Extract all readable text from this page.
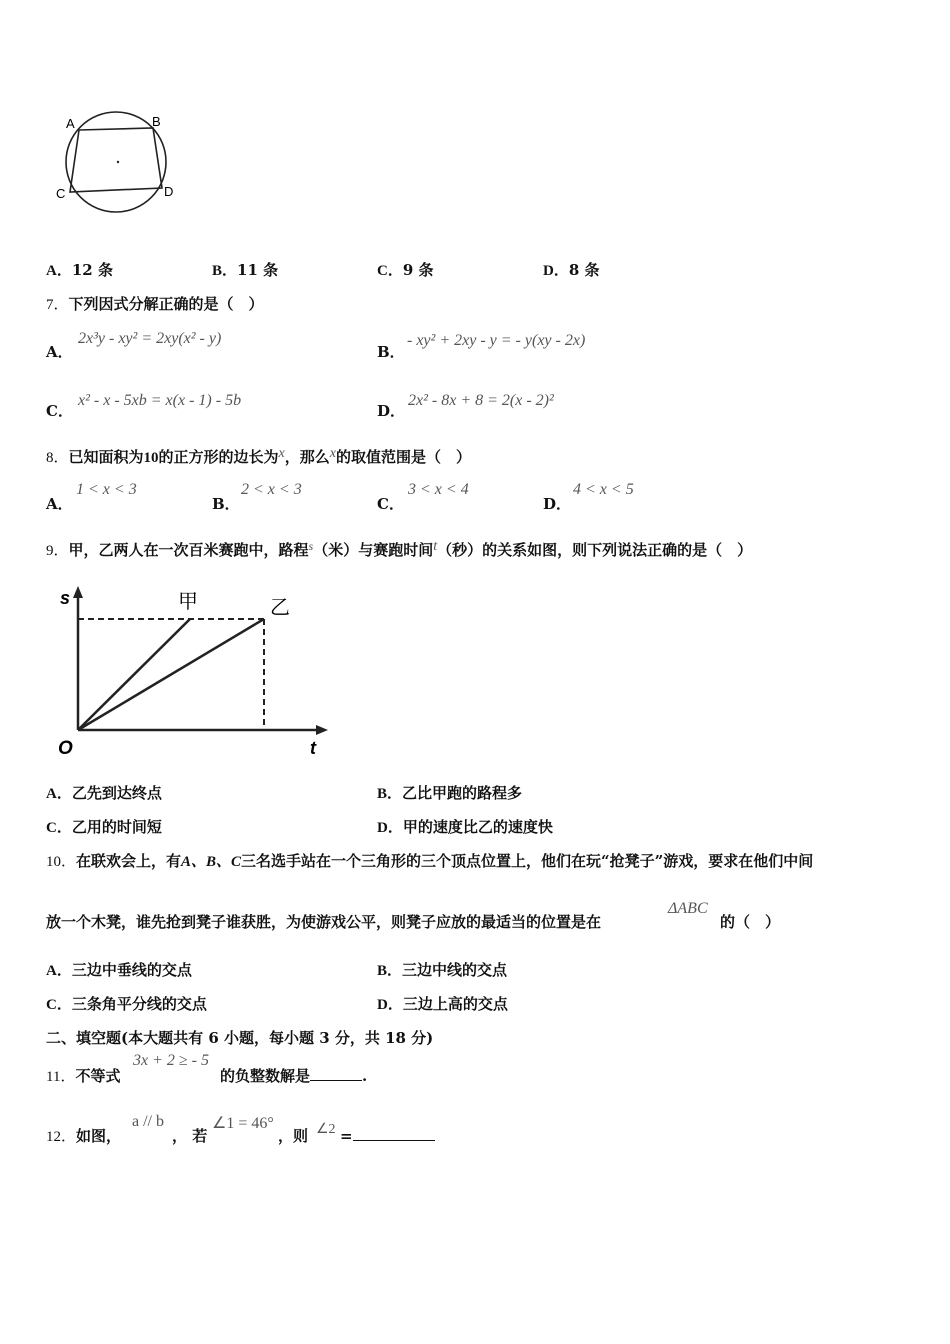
A	B
C	D
A．12 条	B．11 条	C．9 条	D．8 条
7．下列因式分解正确的是（　）
A．
2x³y - xy² = 2xy(x² - y)
B．
- xy² + 2xy - y = - y(xy - 2x)
C．
x² - x - 5xb = x(x - 1) - 5b
D．
2x² - 8x + 8 = 2(x - 2)²
8．已知面积为10的正方形的边长为x，那么x的取值范围是（　）
A．
1 < x < 3
B．
2 < x < 3
C．
3 < x < 4
D．
4 < x < 5
9．甲，乙两人在一次百米赛跑中，路程$^s$（米）与赛跑时间t（秒）的关系如图，则下列说法正确的是（　）
s
t
O
甲	乙
A．乙先到达终点	B．乙比甲跑的路程多
C．乙用的时间短	D．甲的速度比乙的速度快
10．在联欢会上，有A、B、C三名选手站在一个三角形的三个顶点位置上，他们在玩“抢凳子”游戏，要求在他们中间
放一个木凳，谁先抢到凳子谁获胜，为使游戏公平，则凳子应放的最适当的位置是在
ΔABC
的（　）
A．三边中垂线的交点	B．三边中线的交点
C．三条角平分线的交点	D．三边上高的交点
二、填空题(本大题共有 6 小题，每小题 3 分，共 18 分)
11．不等式
3x + 2 ≥ - 5
的负整数解是	.
12．如图，
a // b
， 若
∠1 = 46°
，则 ∠2 =
